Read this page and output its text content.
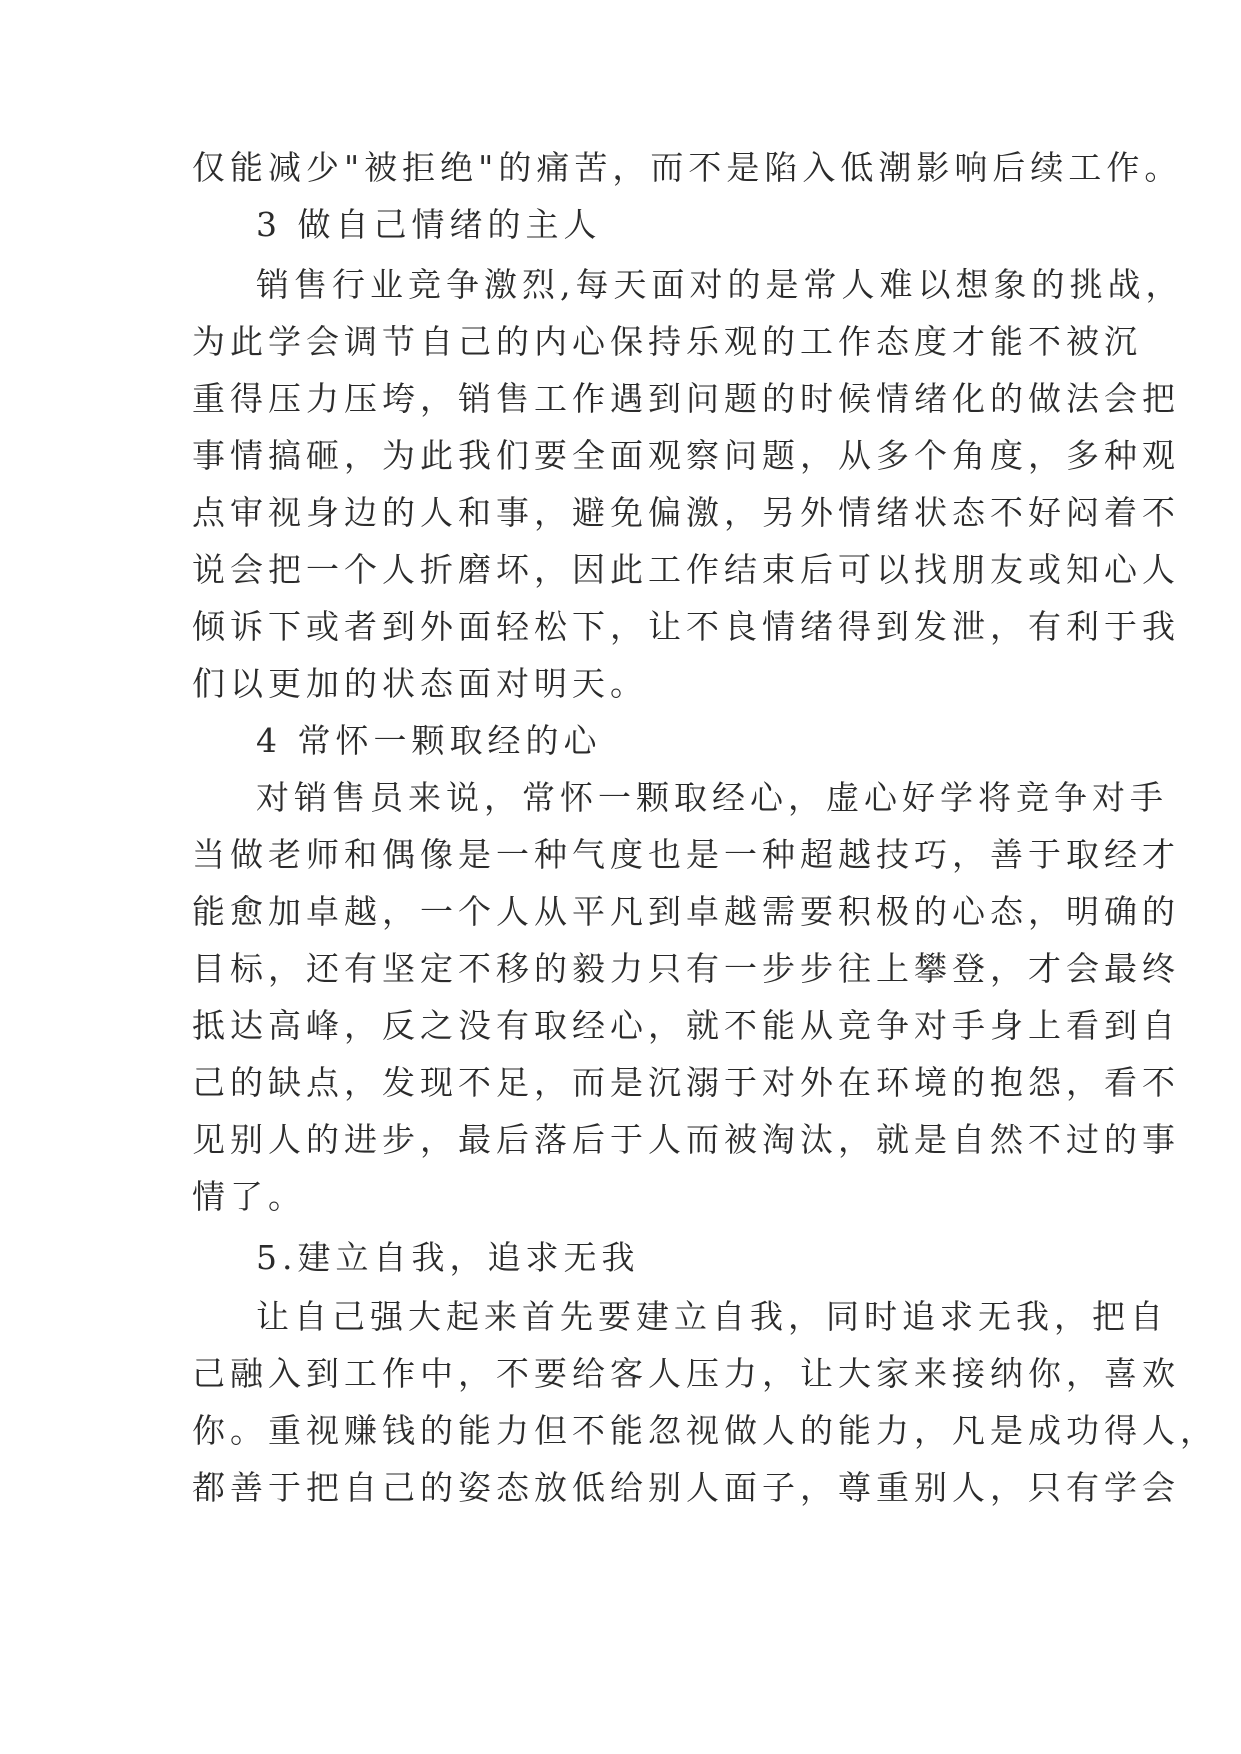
仅能减少"被拒绝"的痛苦，而不是陷入低潮影响后续工作。

3 做自己情绪的主人

销售行业竞争激烈,每天面对的是常人难以想象的挑战，

为此学会调节自己的内心保持乐观的工作态度才能不被沉

重得压力压垮，销售工作遇到问题的时候情绪化的做法会把

事情搞砸，为此我们要全面观察问题，从多个角度，多种观

点审视身边的人和事，避免偏激，另外情绪状态不好闷着不

说会把一个人折磨坏，因此工作结束后可以找朋友或知心人

倾诉下或者到外面轻松下，让不良情绪得到发泄，有利于我

们以更加的状态面对明天。

4 常怀一颗取经的心

对销售员来说，常怀一颗取经心，虚心好学将竞争对手

当做老师和偶像是一种气度也是一种超越技巧，善于取经才

能愈加卓越，一个人从平凡到卓越需要积极的心态，明确的

目标，还有坚定不移的毅力只有一步步往上攀登，才会最终

抵达高峰，反之没有取经心，就不能从竞争对手身上看到自

己的缺点，发现不足，而是沉溺于对外在环境的抱怨，看不

见别人的进步，最后落后于人而被淘汰，就是自然不过的事

情了。

5.建立自我，追求无我

让自己强大起来首先要建立自我，同时追求无我，把自

己融入到工作中，不要给客人压力，让大家来接纳你，喜欢

你。重视赚钱的能力但不能忽视做人的能力，凡是成功得人，

都善于把自己的姿态放低给别人面子，尊重别人，只有学会
